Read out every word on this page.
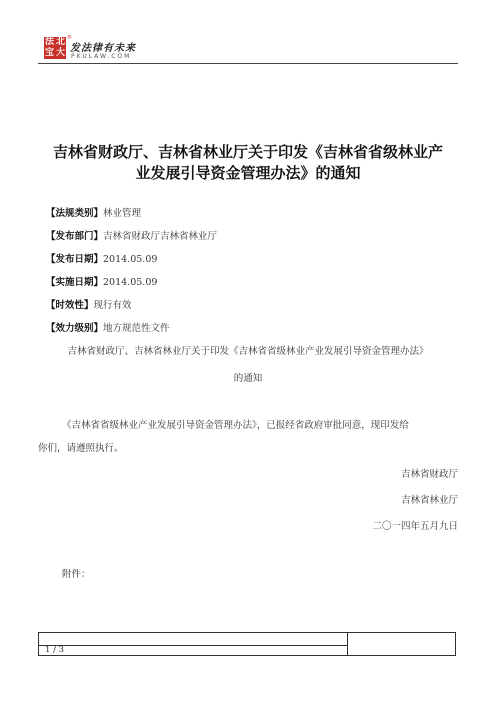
法 北
宝 大
®
发法律有未来
PKULAW.COM
吉林省财政厅、吉林省林业厅关于印发《吉林省省级林业产
业发展引导资金管理办法》的通知
【法规类别】林业管理
【发布部门】吉林省财政厅吉林省林业厅
【发布日期】2014.05.09
【实施日期】2014.05.09
【时效性】现行有效
【效力级别】地方规范性文件
吉林省财政厅、吉林省林业厅关于印发《吉林省省级林业产业发展引导资金管理办法》
的通知
《吉林省省级林业产业发展引导资金管理办法》，已报经省政府审批同意，现印发给
你们，请遵照执行。
吉林省财政厅
吉林省林业厅
二〇一四年五月九日
附件：
1 / 3
